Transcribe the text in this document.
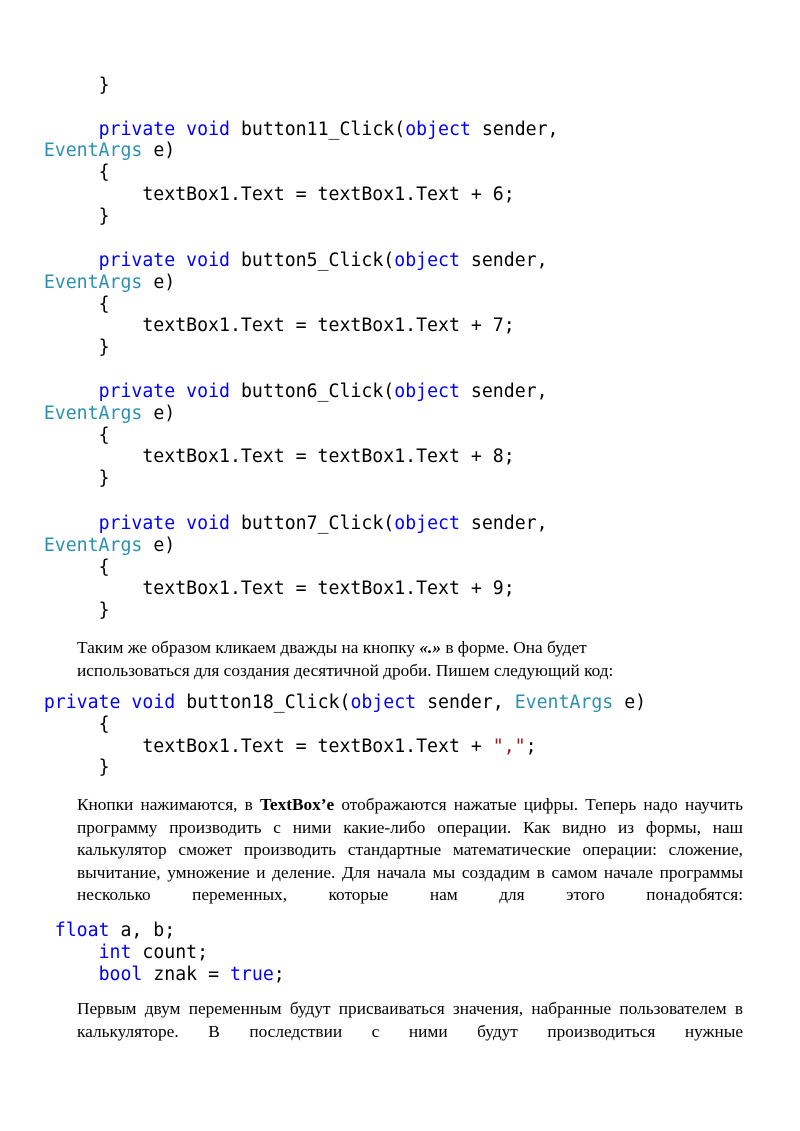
}

private void button11_Click(object sender,
EventArgs e)
{
textBox1.Text = textBox1.Text + 6;
}
private void button5_Click(object sender,
EventArgs e)
{
textBox1.Text = textBox1.Text + 7;
}
private void button6_Click(object sender,
EventArgs e)
{
textBox1.Text = textBox1.Text + 8;
}
private void button7_Click(object sender,
EventArgs e)
{
textBox1.Text = textBox1.Text + 9;
}
Таким же образом кликаем дважды на кнопку «.» в форме. Она будет
использоваться для создания десятичной дроби. Пишем следующий код:
private void button18_Click(object sender, EventArgs e)
{
textBox1.Text = textBox1.Text + ",";
}
Кнопки нажимаются, в TextBox’е отображаются нажатые цифры. Теперь надо научить программу производить с ними какие-либо операции. Как видно из формы, наш калькулятор сможет производить стандартные математические операции: сложение, вычитание, умножение и деление. Для начала мы создадим в самом начале программы несколько переменных, которые нам для этого понадобятся:
float a, b;
int count;
bool znak = true;
Первым двум переменным будут присваиваться значения, набранные пользователем в калькуляторе. В последствии с ними будут производиться нужные
